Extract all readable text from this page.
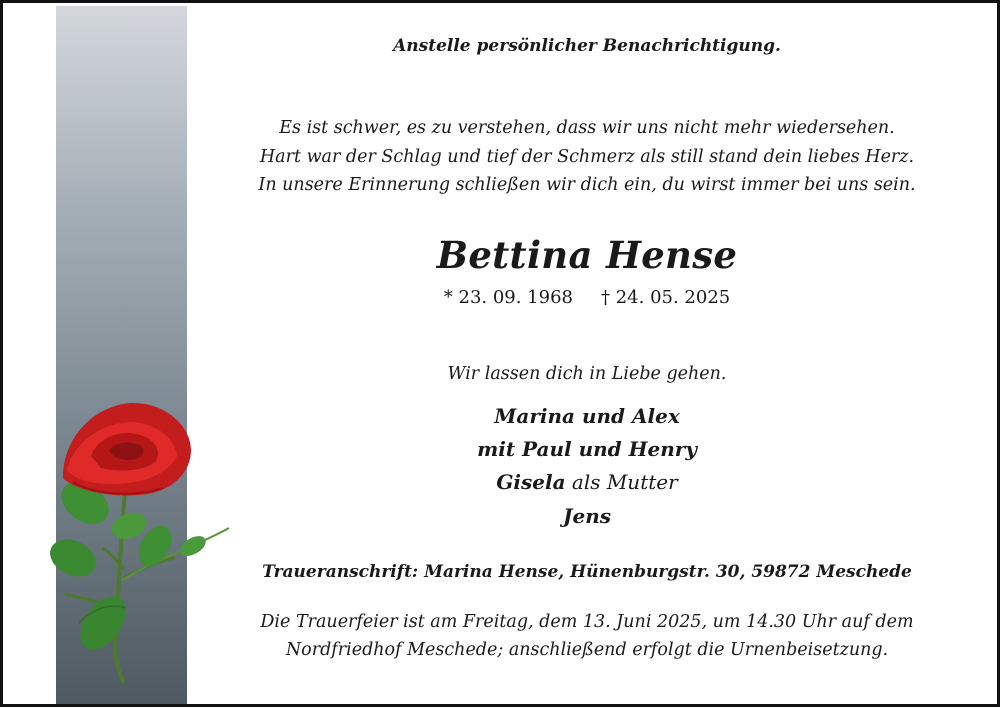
Anstelle persönlicher Benachrichtigung.
Es ist schwer, es zu verstehen, dass wir uns nicht mehr wiedersehen.
Hart war der Schlag und tief der Schmerz als still stand dein liebes Herz.
In unsere Erinnerung schließen wir dich ein, du wirst immer bei uns sein.
Bettina Hense
* 23. 09. 1968 † 24. 05. 2025
Wir lassen dich in Liebe gehen.
Marina und Alex
mit Paul und Henry
Gisela als Mutter
Jens
Traueranschrift: Marina Hense, Hünenburgstr. 30, 59872 Meschede
Die Trauerfeier ist am Freitag, dem 13. Juni 2025, um 14.30 Uhr auf dem
Nordfriedhof Meschede; anschließend erfolgt die Urnenbeisetzung.
